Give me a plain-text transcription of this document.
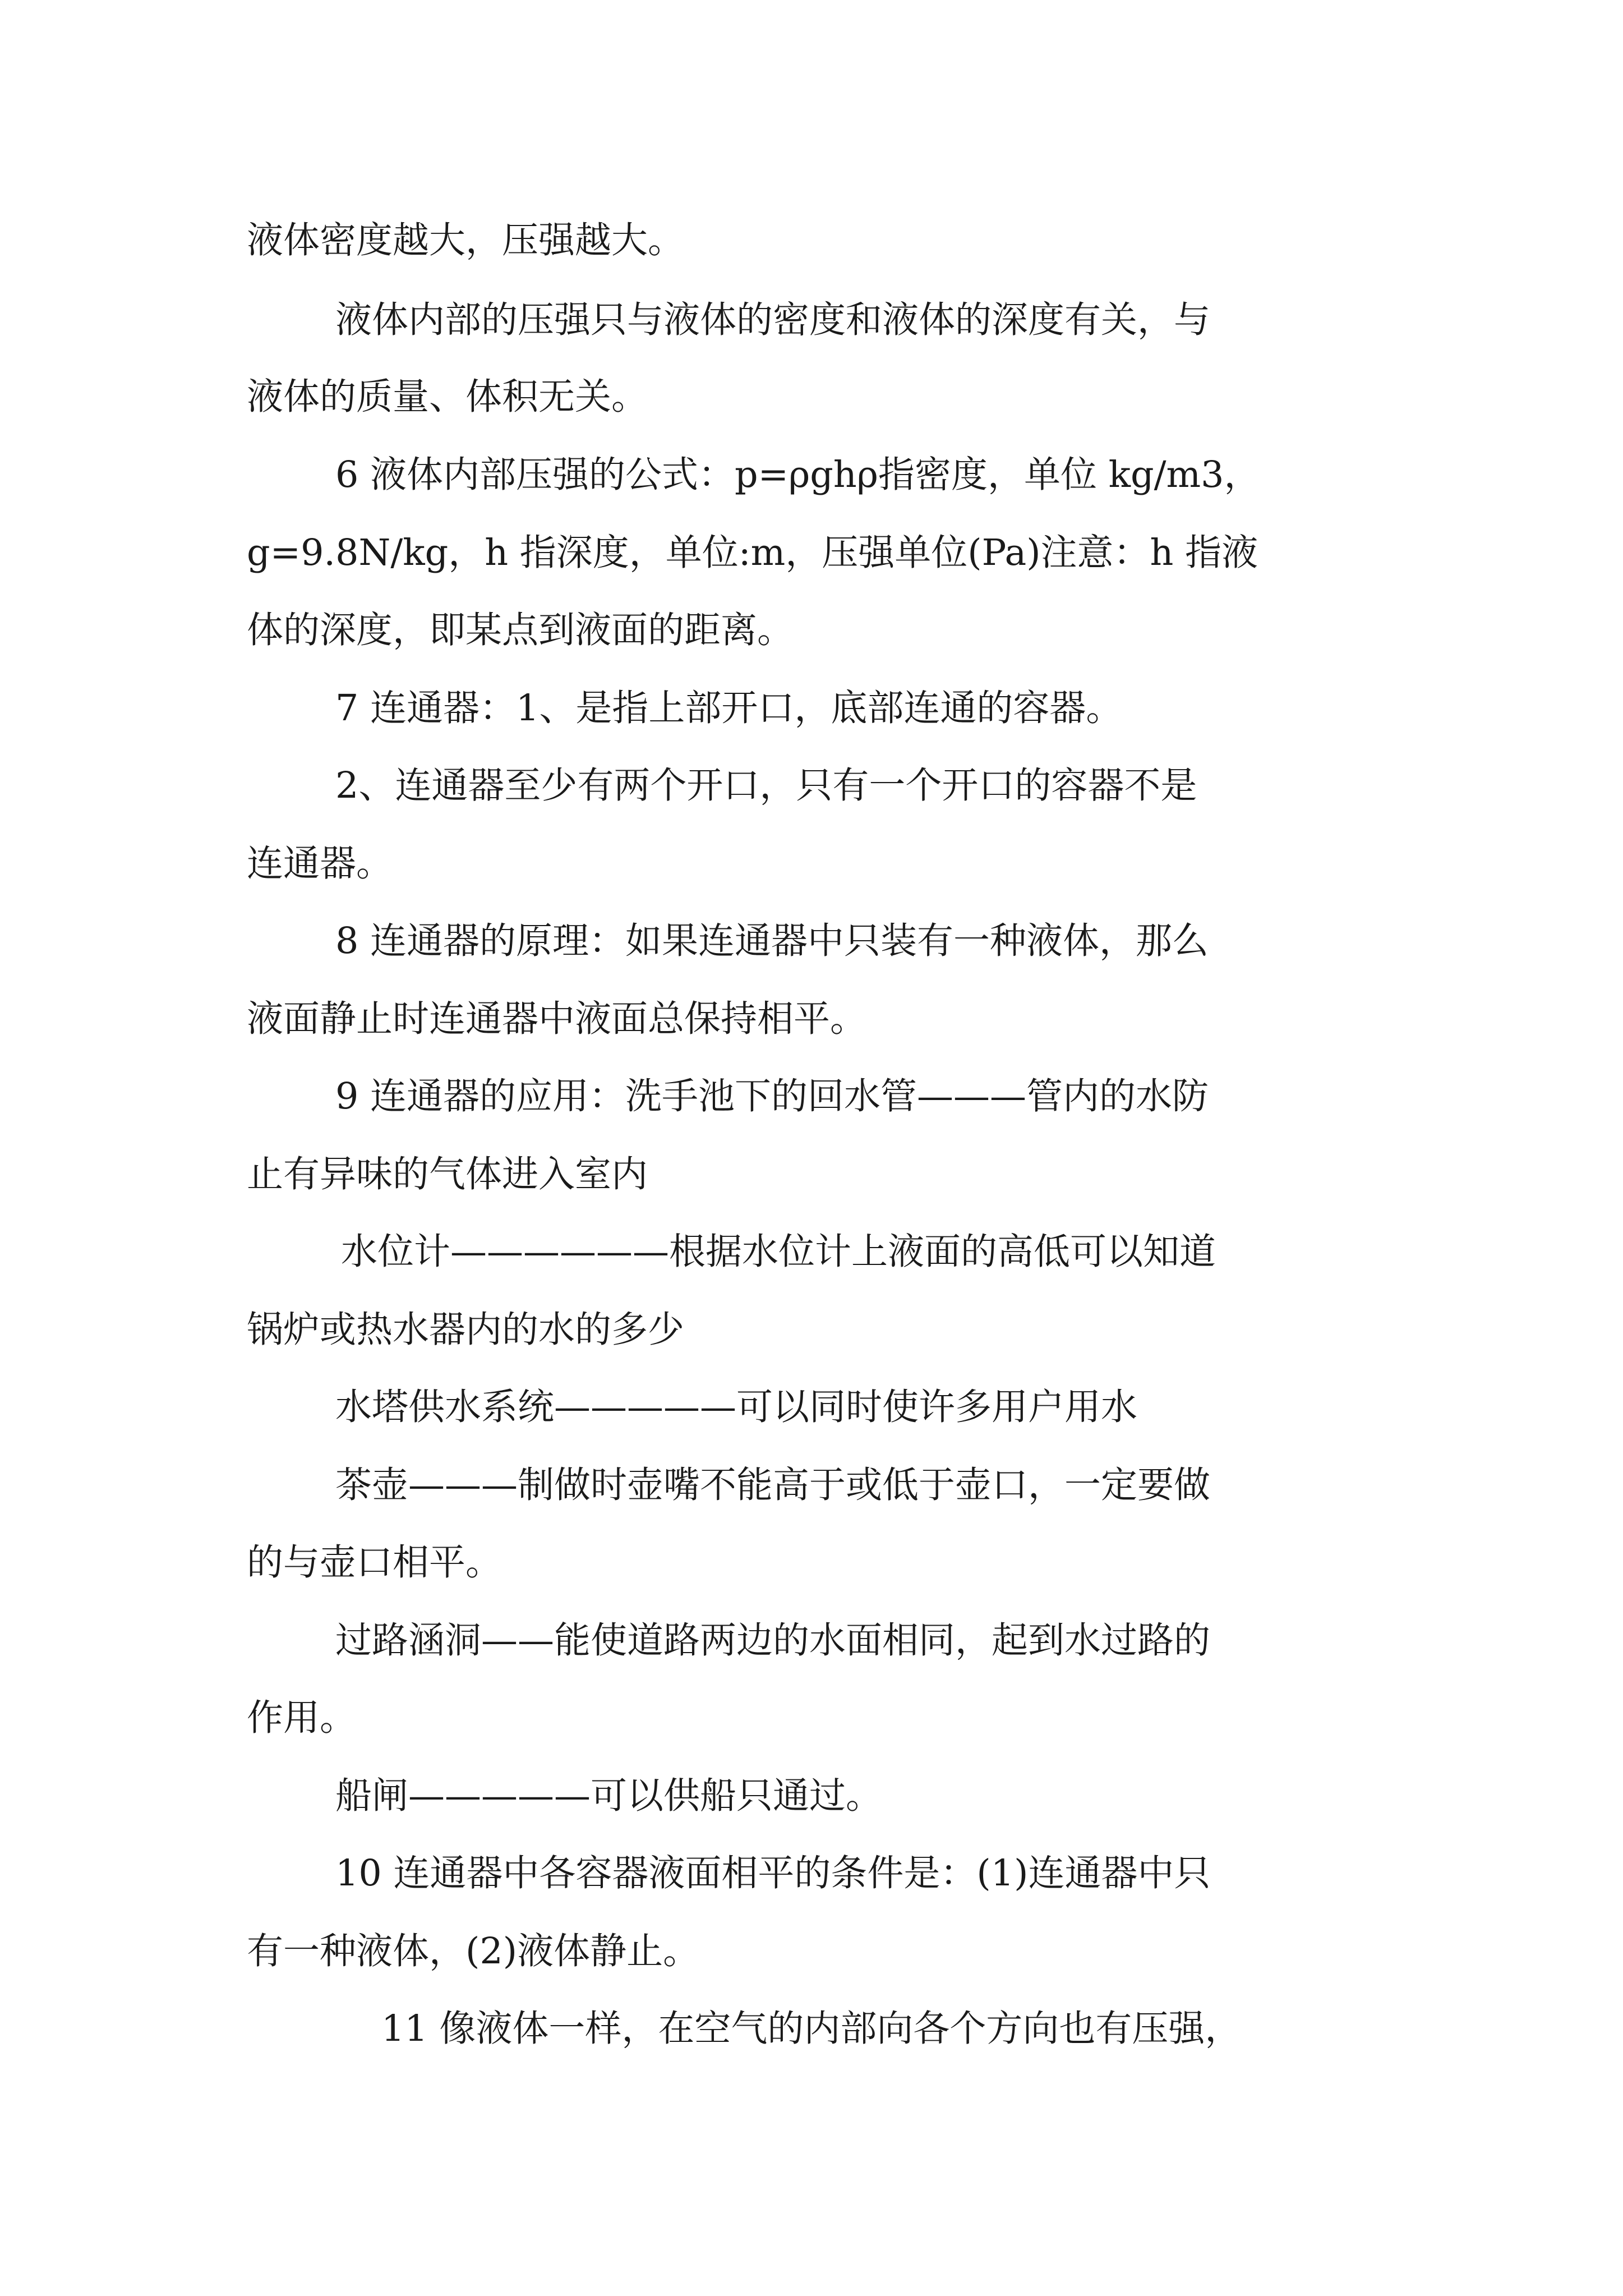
液体密度越大，压强越大。

液体内部的压强只与液体的密度和液体的深度有关，与

液体的质量、体积无关。

6 液体内部压强的公式：p=ρghρ指密度，单位 kg/m3，

g=9.8N/kg，h 指深度，单位:m，压强单位(Pa)注意：h 指液

体的深度，即某点到液面的距离。

7 连通器：1、是指上部开口，底部连通的容器。

2、连通器至少有两个开口，只有一个开口的容器不是

连通器。

8 连通器的原理：如果连通器中只装有一种液体，那么

液面静止时连通器中液面总保持相平。

9 连通器的应用：洗手池下的回水管———管内的水防

止有异味的气体进入室内

水位计——————根据水位计上液面的高低可以知道

锅炉或热水器内的水的多少

水塔供水系统—————可以同时使许多用户用水

茶壶———制做时壶嘴不能高于或低于壶口，一定要做

的与壶口相平。

过路涵洞——能使道路两边的水面相同，起到水过路的

作用。

船闸—————可以供船只通过。

10 连通器中各容器液面相平的条件是：(1)连通器中只

有一种液体，(2)液体静止。

11 像液体一样，在空气的内部向各个方向也有压强，
